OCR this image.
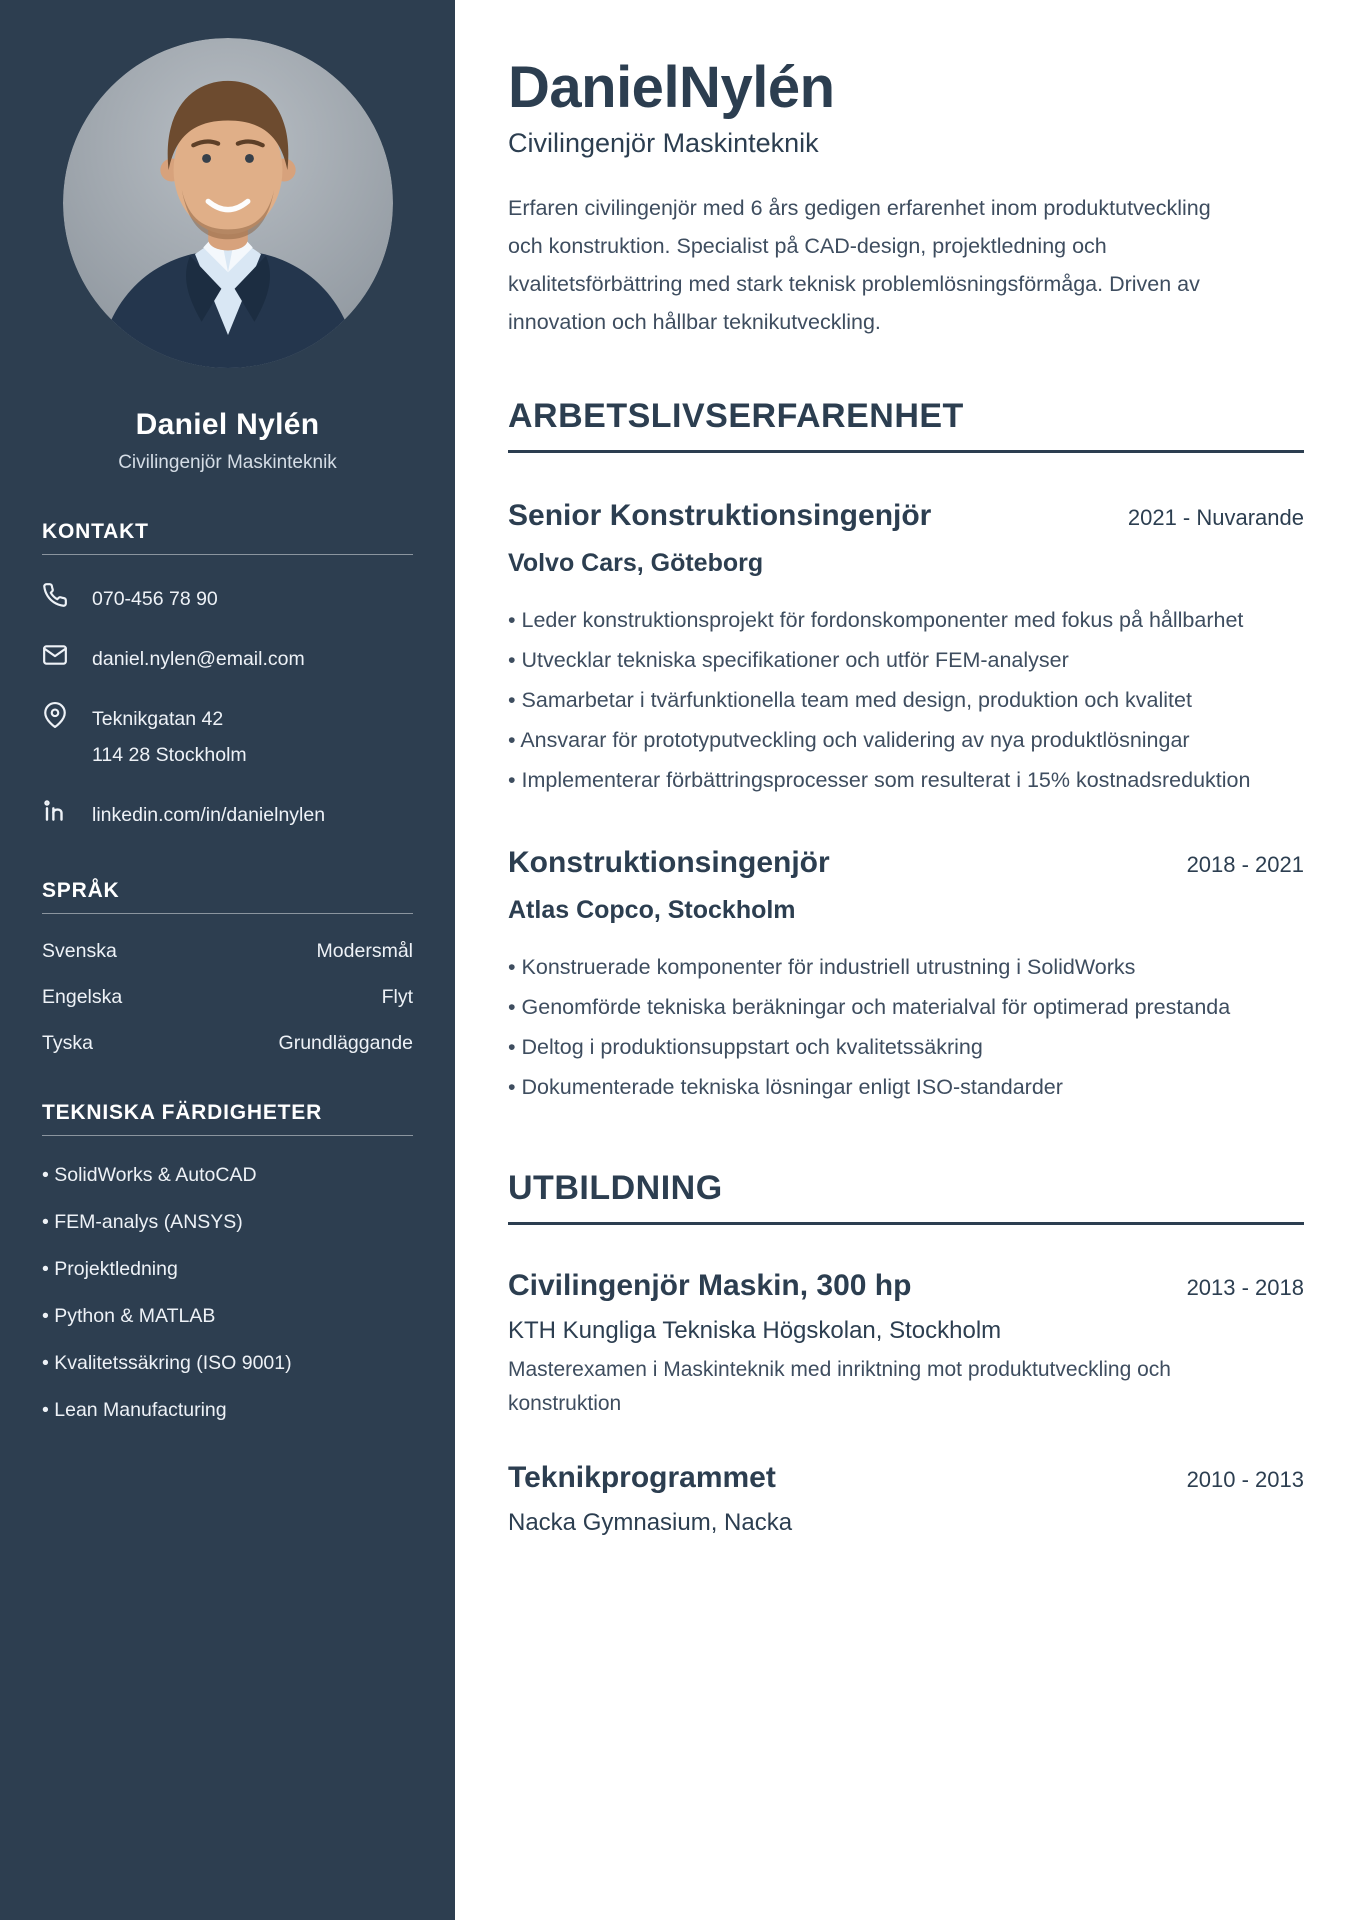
Daniel Nylén
Civilingenjör Maskinteknik
KONTAKT
070-456 78 90
daniel.nylen@email.com
Teknikgatan 42
114 28 Stockholm
linkedin.com/in/danielnylen
SPRÅK
Svenska	Modersmål
Engelska	Flyt
Tyska	Grundläggande
TEKNISKA FÄRDIGHETER
• SolidWorks & AutoCAD
• FEM-analys (ANSYS)
• Projektledning
• Python & MATLAB
• Kvalitetssäkring (ISO 9001)
• Lean Manufacturing
DanielNylén
Civilingenjör Maskinteknik
Erfaren civilingenjör med 6 års gedigen erfarenhet inom produktutveckling och konstruktion. Specialist på CAD-design, projektledning och kvalitetsförbättring med stark teknisk problemlösningsförmåga. Driven av innovation och hållbar teknikutveckling.
ARBETSLIVSERFARENHET
Senior Konstruktionsingenjör	2021 - Nuvarande
Volvo Cars, Göteborg
• Leder konstruktionsprojekt för fordonskomponenter med fokus på hållbarhet
• Utvecklar tekniska specifikationer och utför FEM-analyser
• Samarbetar i tvärfunktionella team med design, produktion och kvalitet
• Ansvarar för prototyputveckling och validering av nya produktlösningar
• Implementerar förbättringsprocesser som resulterat i 15% kostnadsreduktion
Konstruktionsingenjör	2018 - 2021
Atlas Copco, Stockholm
• Konstruerade komponenter för industriell utrustning i SolidWorks
• Genomförde tekniska beräkningar och materialval för optimerad prestanda
• Deltog i produktionsuppstart och kvalitetssäkring
• Dokumenterade tekniska lösningar enligt ISO-standarder
UTBILDNING
Civilingenjör Maskin, 300 hp	2013 - 2018
KTH Kungliga Tekniska Högskolan, Stockholm
Masterexamen i Maskinteknik med inriktning mot produktutveckling och konstruktion
Teknikprogrammet	2010 - 2013
Nacka Gymnasium, Nacka
